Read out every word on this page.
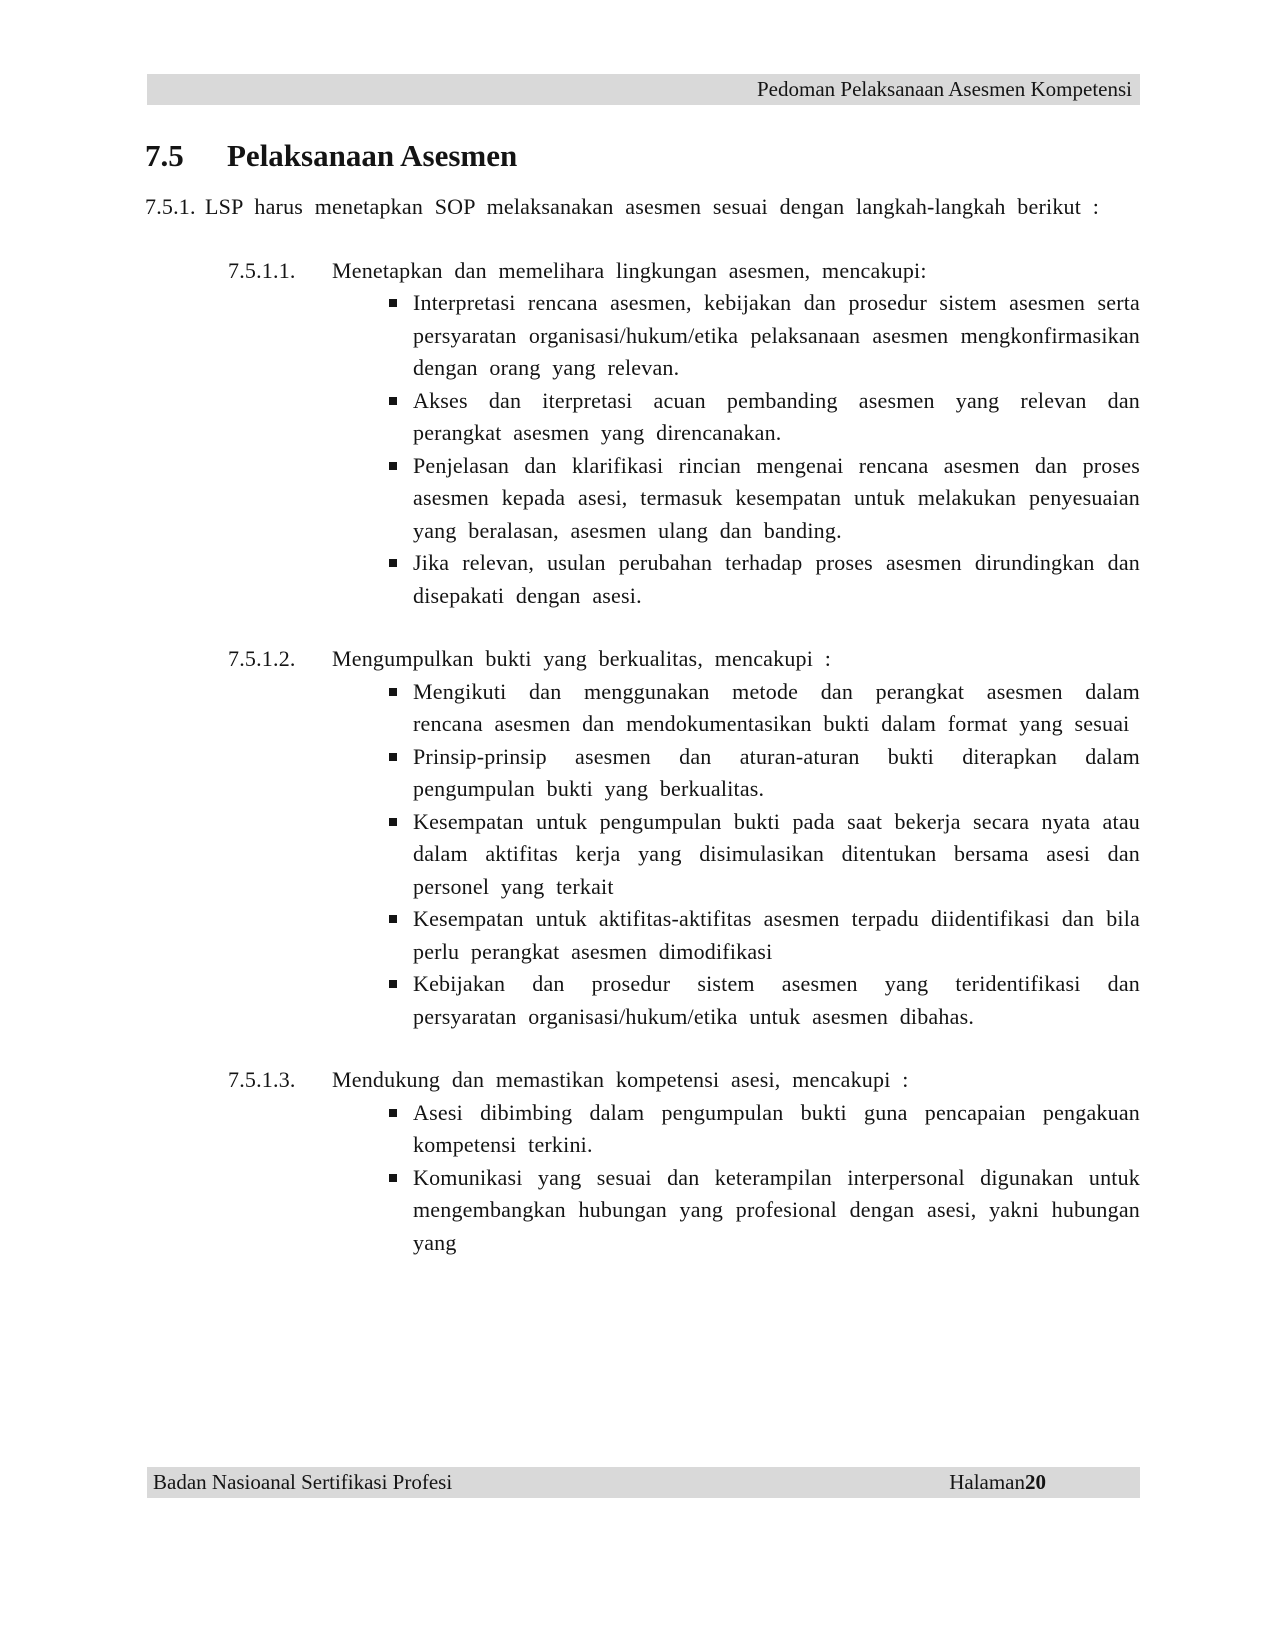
Pedoman Pelaksanaan Asesmen Kompetensi
7.5	Pelaksanaan Asesmen
7.5.1. LSP harus menetapkan SOP melaksanakan asesmen sesuai dengan langkah-langkah berikut :
7.5.1.1.	Menetapkan dan memelihara lingkungan asesmen, mencakupi:
Interpretasi rencana asesmen, kebijakan dan prosedur sistem asesmen serta persyaratan organisasi/hukum/etika pelaksanaan asesmen mengkonfirmasikan dengan orang yang relevan.
Akses dan iterpretasi acuan pembanding asesmen yang relevan dan perangkat asesmen yang direncanakan.
Penjelasan dan klarifikasi rincian mengenai rencana asesmen dan proses asesmen kepada asesi, termasuk kesempatan untuk melakukan penyesuaian yang beralasan, asesmen ulang dan banding.
Jika relevan, usulan perubahan terhadap proses asesmen dirundingkan dan disepakati dengan asesi.
7.5.1.2.	Mengumpulkan bukti yang berkualitas, mencakupi :
Mengikuti dan menggunakan metode dan perangkat asesmen dalam rencana asesmen dan mendokumentasikan bukti dalam format yang sesuai
Prinsip-prinsip asesmen dan aturan-aturan bukti diterapkan dalam pengumpulan bukti yang berkualitas.
Kesempatan untuk pengumpulan bukti pada saat bekerja secara nyata atau dalam aktifitas kerja yang disimulasikan ditentukan bersama asesi dan personel yang terkait
Kesempatan untuk aktifitas-aktifitas asesmen terpadu diidentifikasi dan bila perlu perangkat asesmen dimodifikasi
Kebijakan dan prosedur sistem asesmen yang teridentifikasi dan persyaratan organisasi/hukum/etika untuk asesmen dibahas.
7.5.1.3.	Mendukung dan memastikan kompetensi asesi, mencakupi :
Asesi dibimbing dalam pengumpulan bukti guna pencapaian pengakuan kompetensi terkini.
Komunikasi yang sesuai dan keterampilan interpersonal digunakan untuk mengembangkan hubungan yang profesional dengan asesi, yakni hubungan yang
Badan Nasioanal Sertifikasi Profesi	Halaman20
